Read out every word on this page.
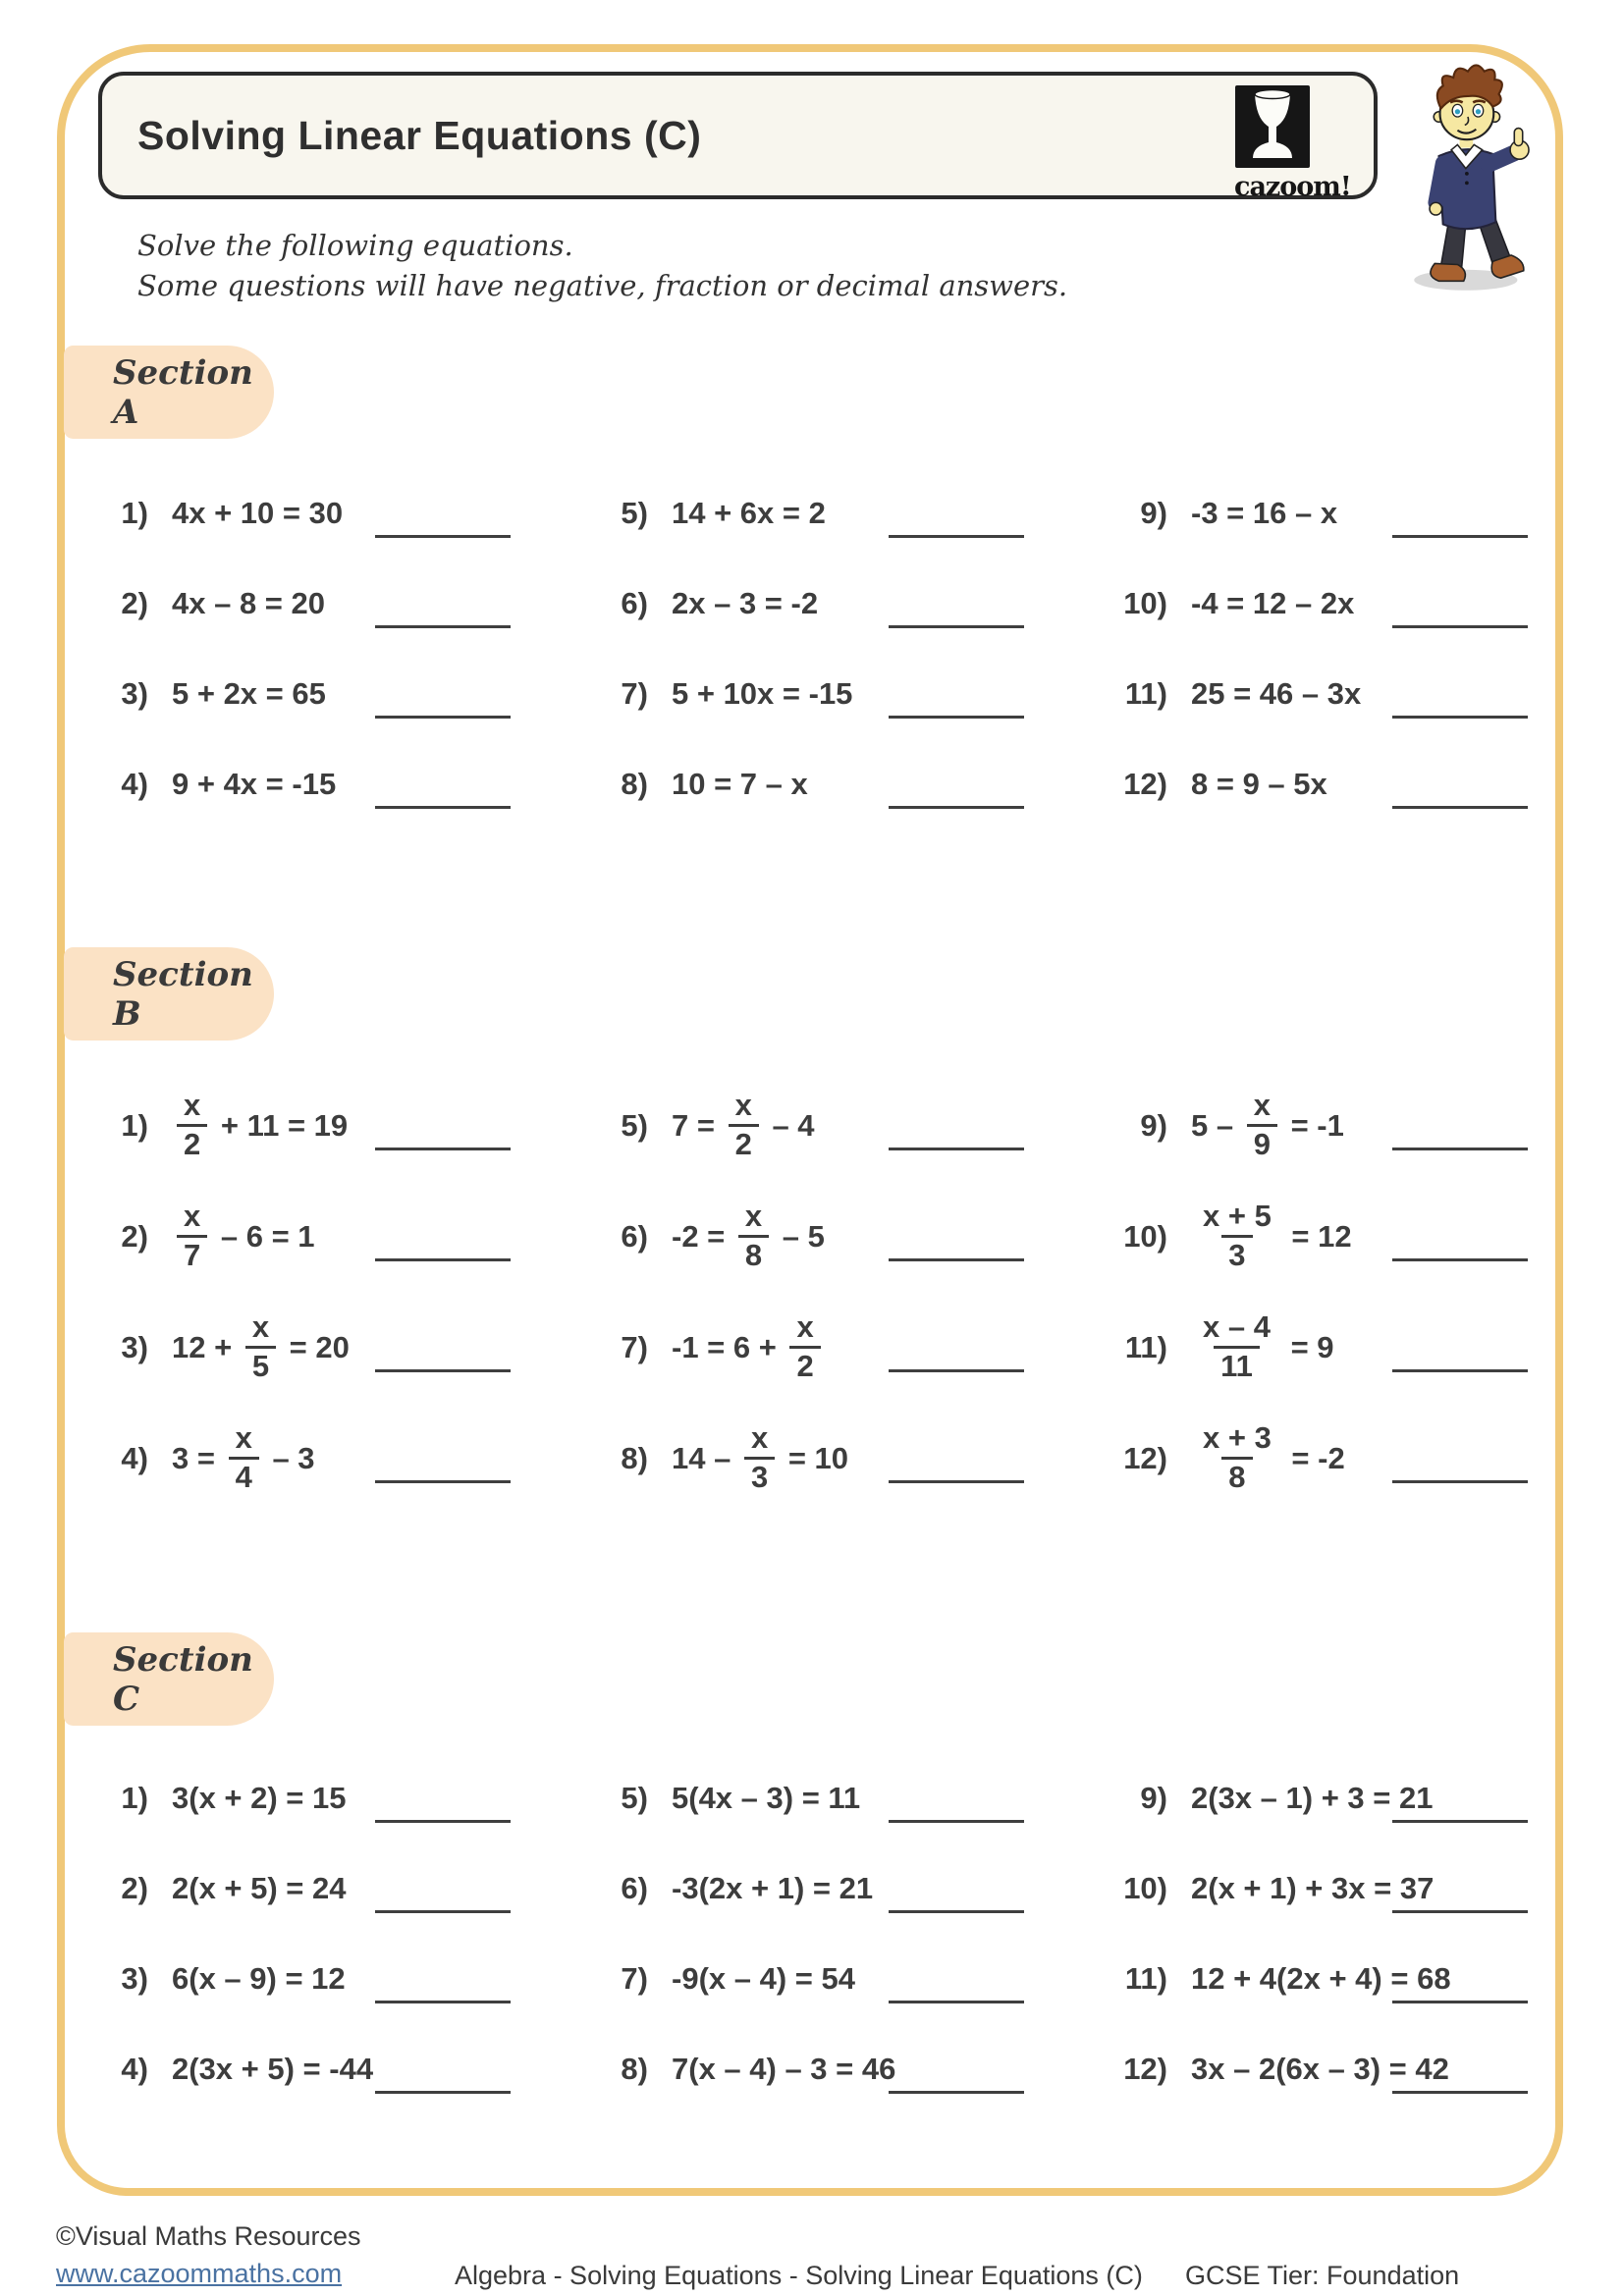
Solving Linear Equations (C)
cazoom!
Solve the following equations.
Some questions will have negative, fraction or decimal answers.
Section A
1) 4x + 10 = 30
2) 4x – 8 = 20
3) 5 + 2x = 65
4) 9 + 4x = -15
5) 14 + 6x = 2
6) 2x – 3 = -2
7) 5 + 10x = -15
8) 10 = 7 – x
9) -3 = 16 – x
10) -4 = 12 – 2x
11) 25 = 46 – 3x
12) 8 = 9 – 5x
Section B
$1) \frac{x}{2} + 11 = 19$
$2) \frac{x}{7} - 6 = 1$
3) $12 + \frac{x}{5} = 20$
4) $3 = \frac{x}{4} - 3$
5) $7 = \frac{x}{2} - 4$
6) $-2 = \frac{x}{8} - 5$
7) $-1 = 6 + \frac{x}{2}$
8) $14 - \frac{x}{3} = 10$
9) $5 - \frac{x}{9} = -1$
$10) \frac{x + 5}{3} = 12$
$11) \frac{x - 4}{11} = 9$
$12) \frac{x + 3}{8} = -2$
Section C
1) 3(x + 2) = 15
2) 2(x + 5) = 24
3) 6(x – 9) = 12
4) 2(3x + 5) = -44
5) 5(4x – 3) = 11
6) -3(2x + 1) = 21
7) -9(x – 4) = 54
8) 7(x – 4) – 3 = 46
9) 2(3x – 1) + 3 = 21
10) 2(x + 1) + 3x = 37
11) 12 + 4(2x + 4) = 68
12) 3x – 2(6x – 3) = 42
©Visual Maths Resources
www.cazoommaths.com	Algebra - Solving Equations - Solving Linear Equations (C) GCSE Tier: Foundation
